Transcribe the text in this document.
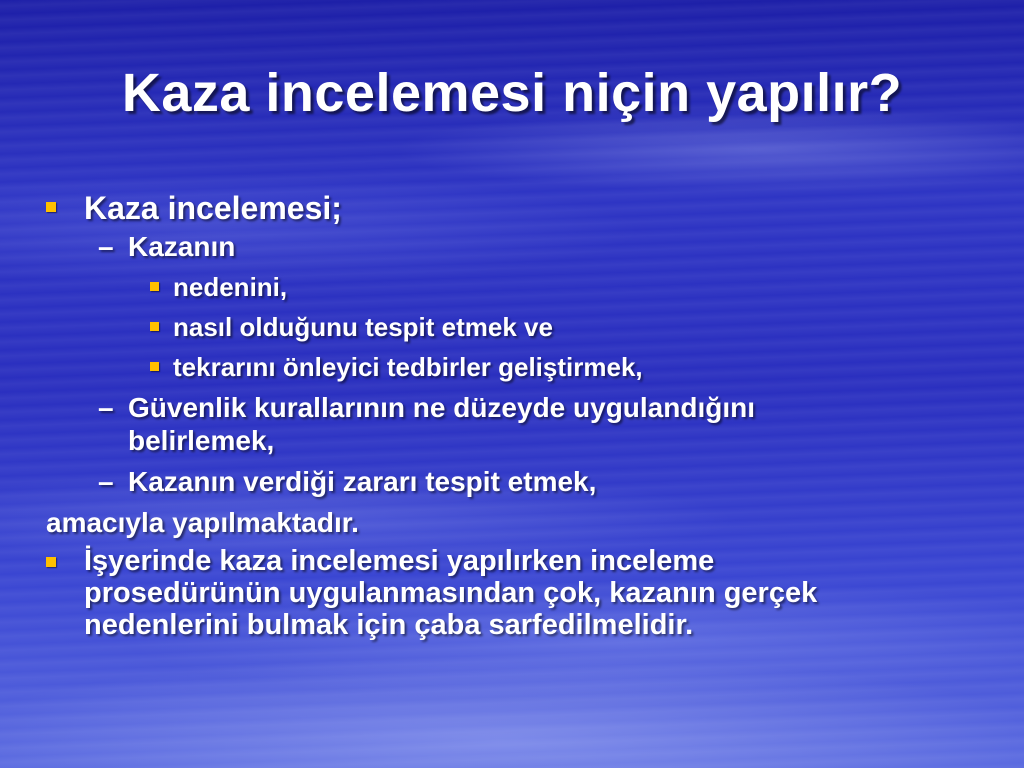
Kaza incelemesi niçin yapılır?
Kaza incelemesi;
– Kazanın
nedenini,
nasıl olduğunu tespit etmek ve
tekrarını önleyici tedbirler geliştirmek,
– Güvenlik kurallarının ne düzeyde uygulandığını
belirlemek,
– Kazanın verdiği zararı tespit etmek,
amacıyla yapılmaktadır.
İşyerinde kaza incelemesi yapılırken inceleme
prosedürünün uygulanmasından çok, kazanın gerçek
nedenlerini bulmak için çaba sarfedilmelidir.
